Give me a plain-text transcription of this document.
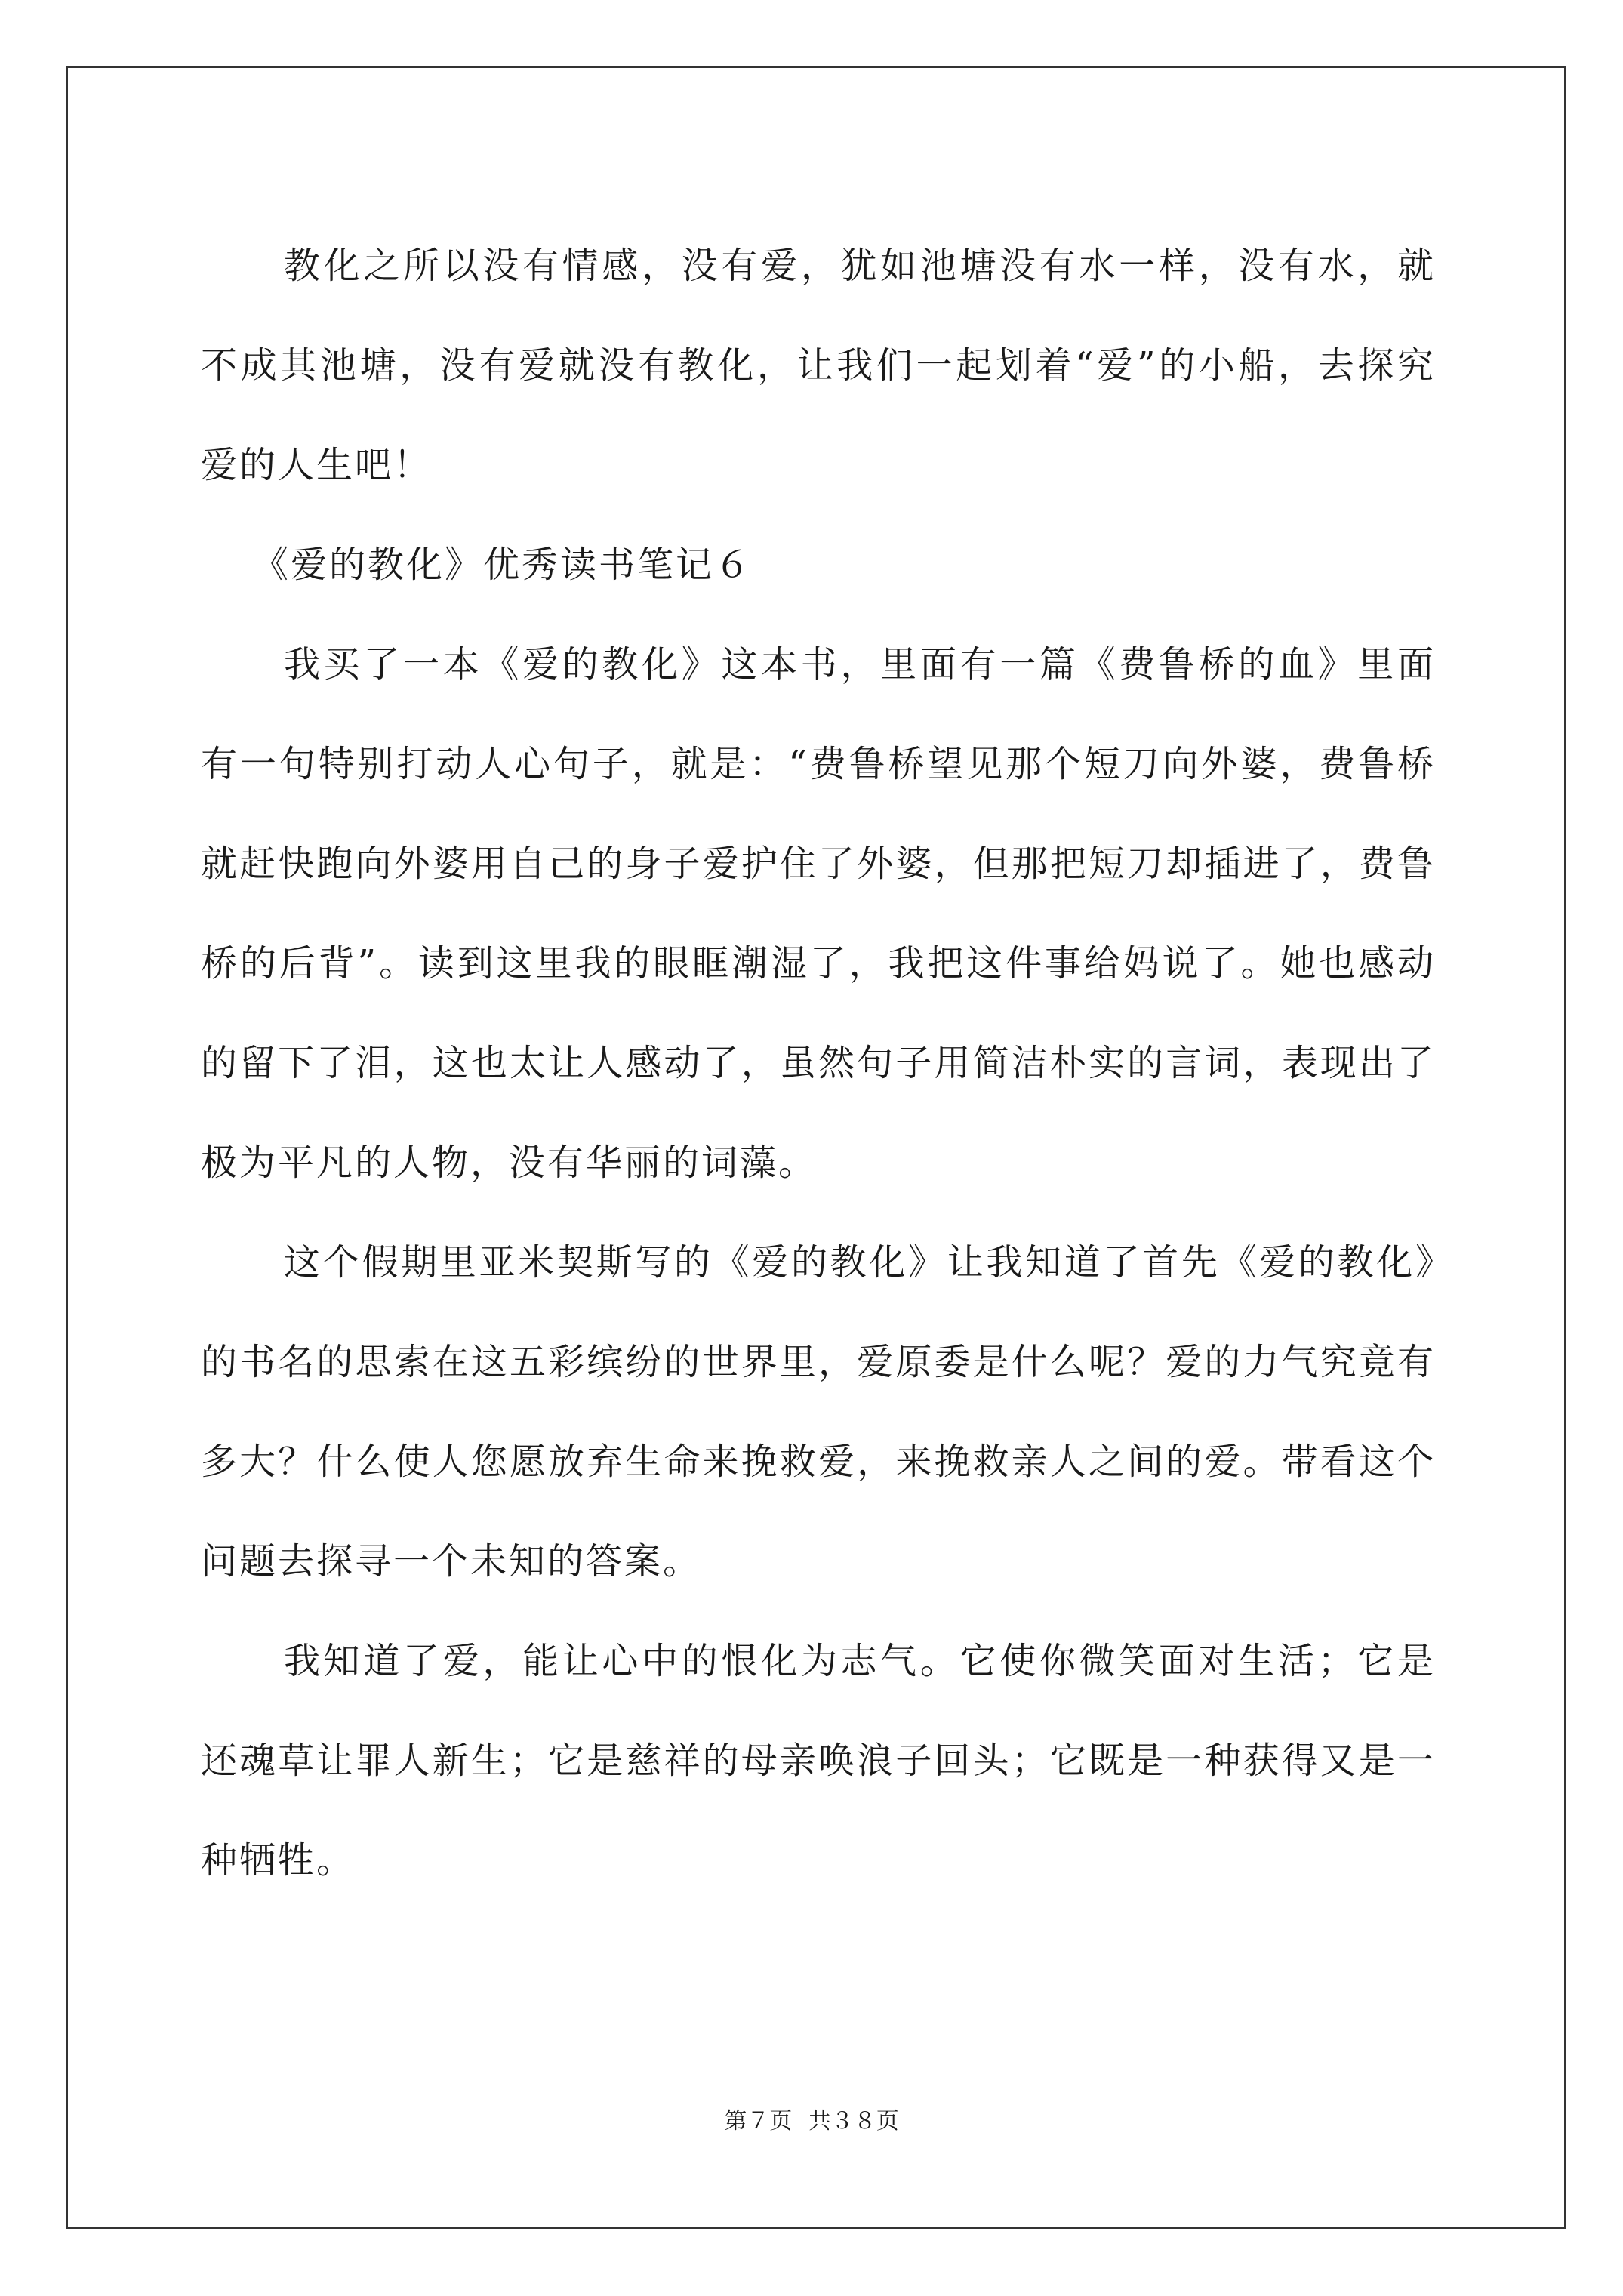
教化之所以没有情感，没有爱，犹如池塘没有水一样，没有水，就不成其池塘，没有爱就没有教化，让我们一起划着“爱”的小船，去探究爱的人生吧！

《爱的教化》优秀读书笔记６

我买了一本《爱的教化》这本书，里面有一篇《费鲁桥的血》里面有一句特别打动人心句子，就是：“费鲁桥望见那个短刀向外婆，费鲁桥就赶快跑向外婆用自己的身子爱护住了外婆，但那把短刀却插进了，费鲁桥的后背”。读到这里我的眼眶潮湿了，我把这件事给妈说了。她也感动的留下了泪，这也太让人感动了，虽然句子用简洁朴实的言词，表现出了极为平凡的人物，没有华丽的词藻。

这个假期里亚米契斯写的《爱的教化》让我知道了首先《爱的教化》的书名的思索在这五彩缤纷的世界里，爱原委是什么呢？爱的力气究竟有多大？什么使人您愿放弃生命来挽救爱，来挽救亲人之间的爱。带看这个问题去探寻一个未知的答案。

我知道了爱，能让心中的恨化为志气。它使你微笑面对生活；它是还魂草让罪人新生；它是慈祥的母亲唤浪子回头；它既是一种获得又是一种牺牲。

第７页 共３８页
